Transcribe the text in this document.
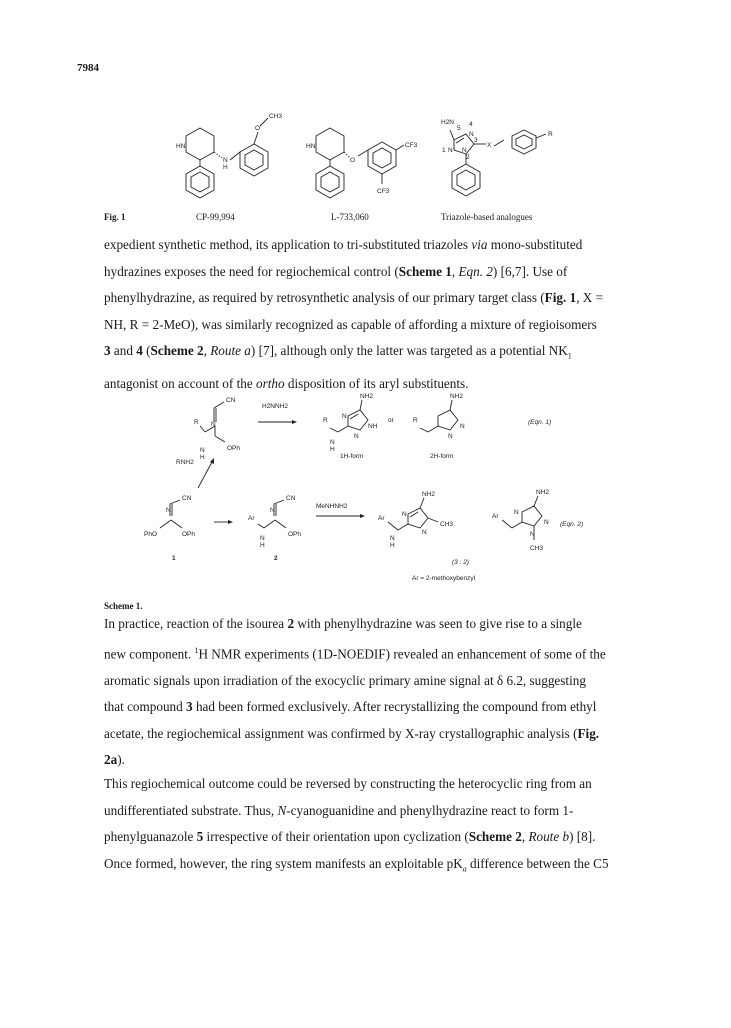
7984
HN
N
H
O
CH3
HN
O
CF3
CF3
H2N
5
4
N
3
1 N N
2
X
R
Fig. 1	CP-99,994	L-733,060	Triazole-based analogues
expedient synthetic method, its application to tri-substituted triazoles via mono-substituted
hydrazines exposes the need for regiochemical control (Scheme 1, Eqn. 2) [6,7]. Use of
phenylhydrazine, as required by retrosynthetic analysis of our primary target class (Fig. 1, X =
NH, R = 2-MeO), was similarly recognized as capable of affording a mixture of regioisomers
3 and 4 (Scheme 2, Route a) [7], although only the latter was targeted as a potential $NK_1$
antagonist on account of the ortho disposition of its aryl substituents.
CN
N
R
N
H
OPh
H2NNH2
NH2
N
NH
N
R
N
H
or
NH2
N
N
R	(Eqn. 1)
1H-form	2H-form
RNH2
CN
N
PhO	OPh
1
CN
N
Ar
N
H
OPh
2
MeNHNH2
NH2
N
N
CH3
Ar
N
H
NH2
N
N
N
CH3
Ar
(Eqn. 2)
(3 : 2)
Ar = 2-methoxybenzyl
Scheme 1.
In practice, reaction of the isourea 2 with phenylhydrazine was seen to give rise to a single
new component. $^1$H NMR experiments (1D-NOEDIF) revealed an enhancement of some of the
aromatic signals upon irradiation of the exocyclic primary amine signal at δ 6.2, suggesting
that compound 3 had been formed exclusively. After recrystallizing the compound from ethyl
acetate, the regiochemical assignment was confirmed by X-ray crystallographic analysis (Fig.
2a).
This regiochemical outcome could be reversed by constructing the heterocyclic ring from an
undifferentiated substrate. Thus, N-cyanoguanidine and phenylhydrazine react to form 1-
phenylguanazole 5 irrespective of their orientation upon cyclization (Scheme 2, Route b) [8].
Once formed, however, the ring system manifests an exploitable $pK_a$ difference between the C5
